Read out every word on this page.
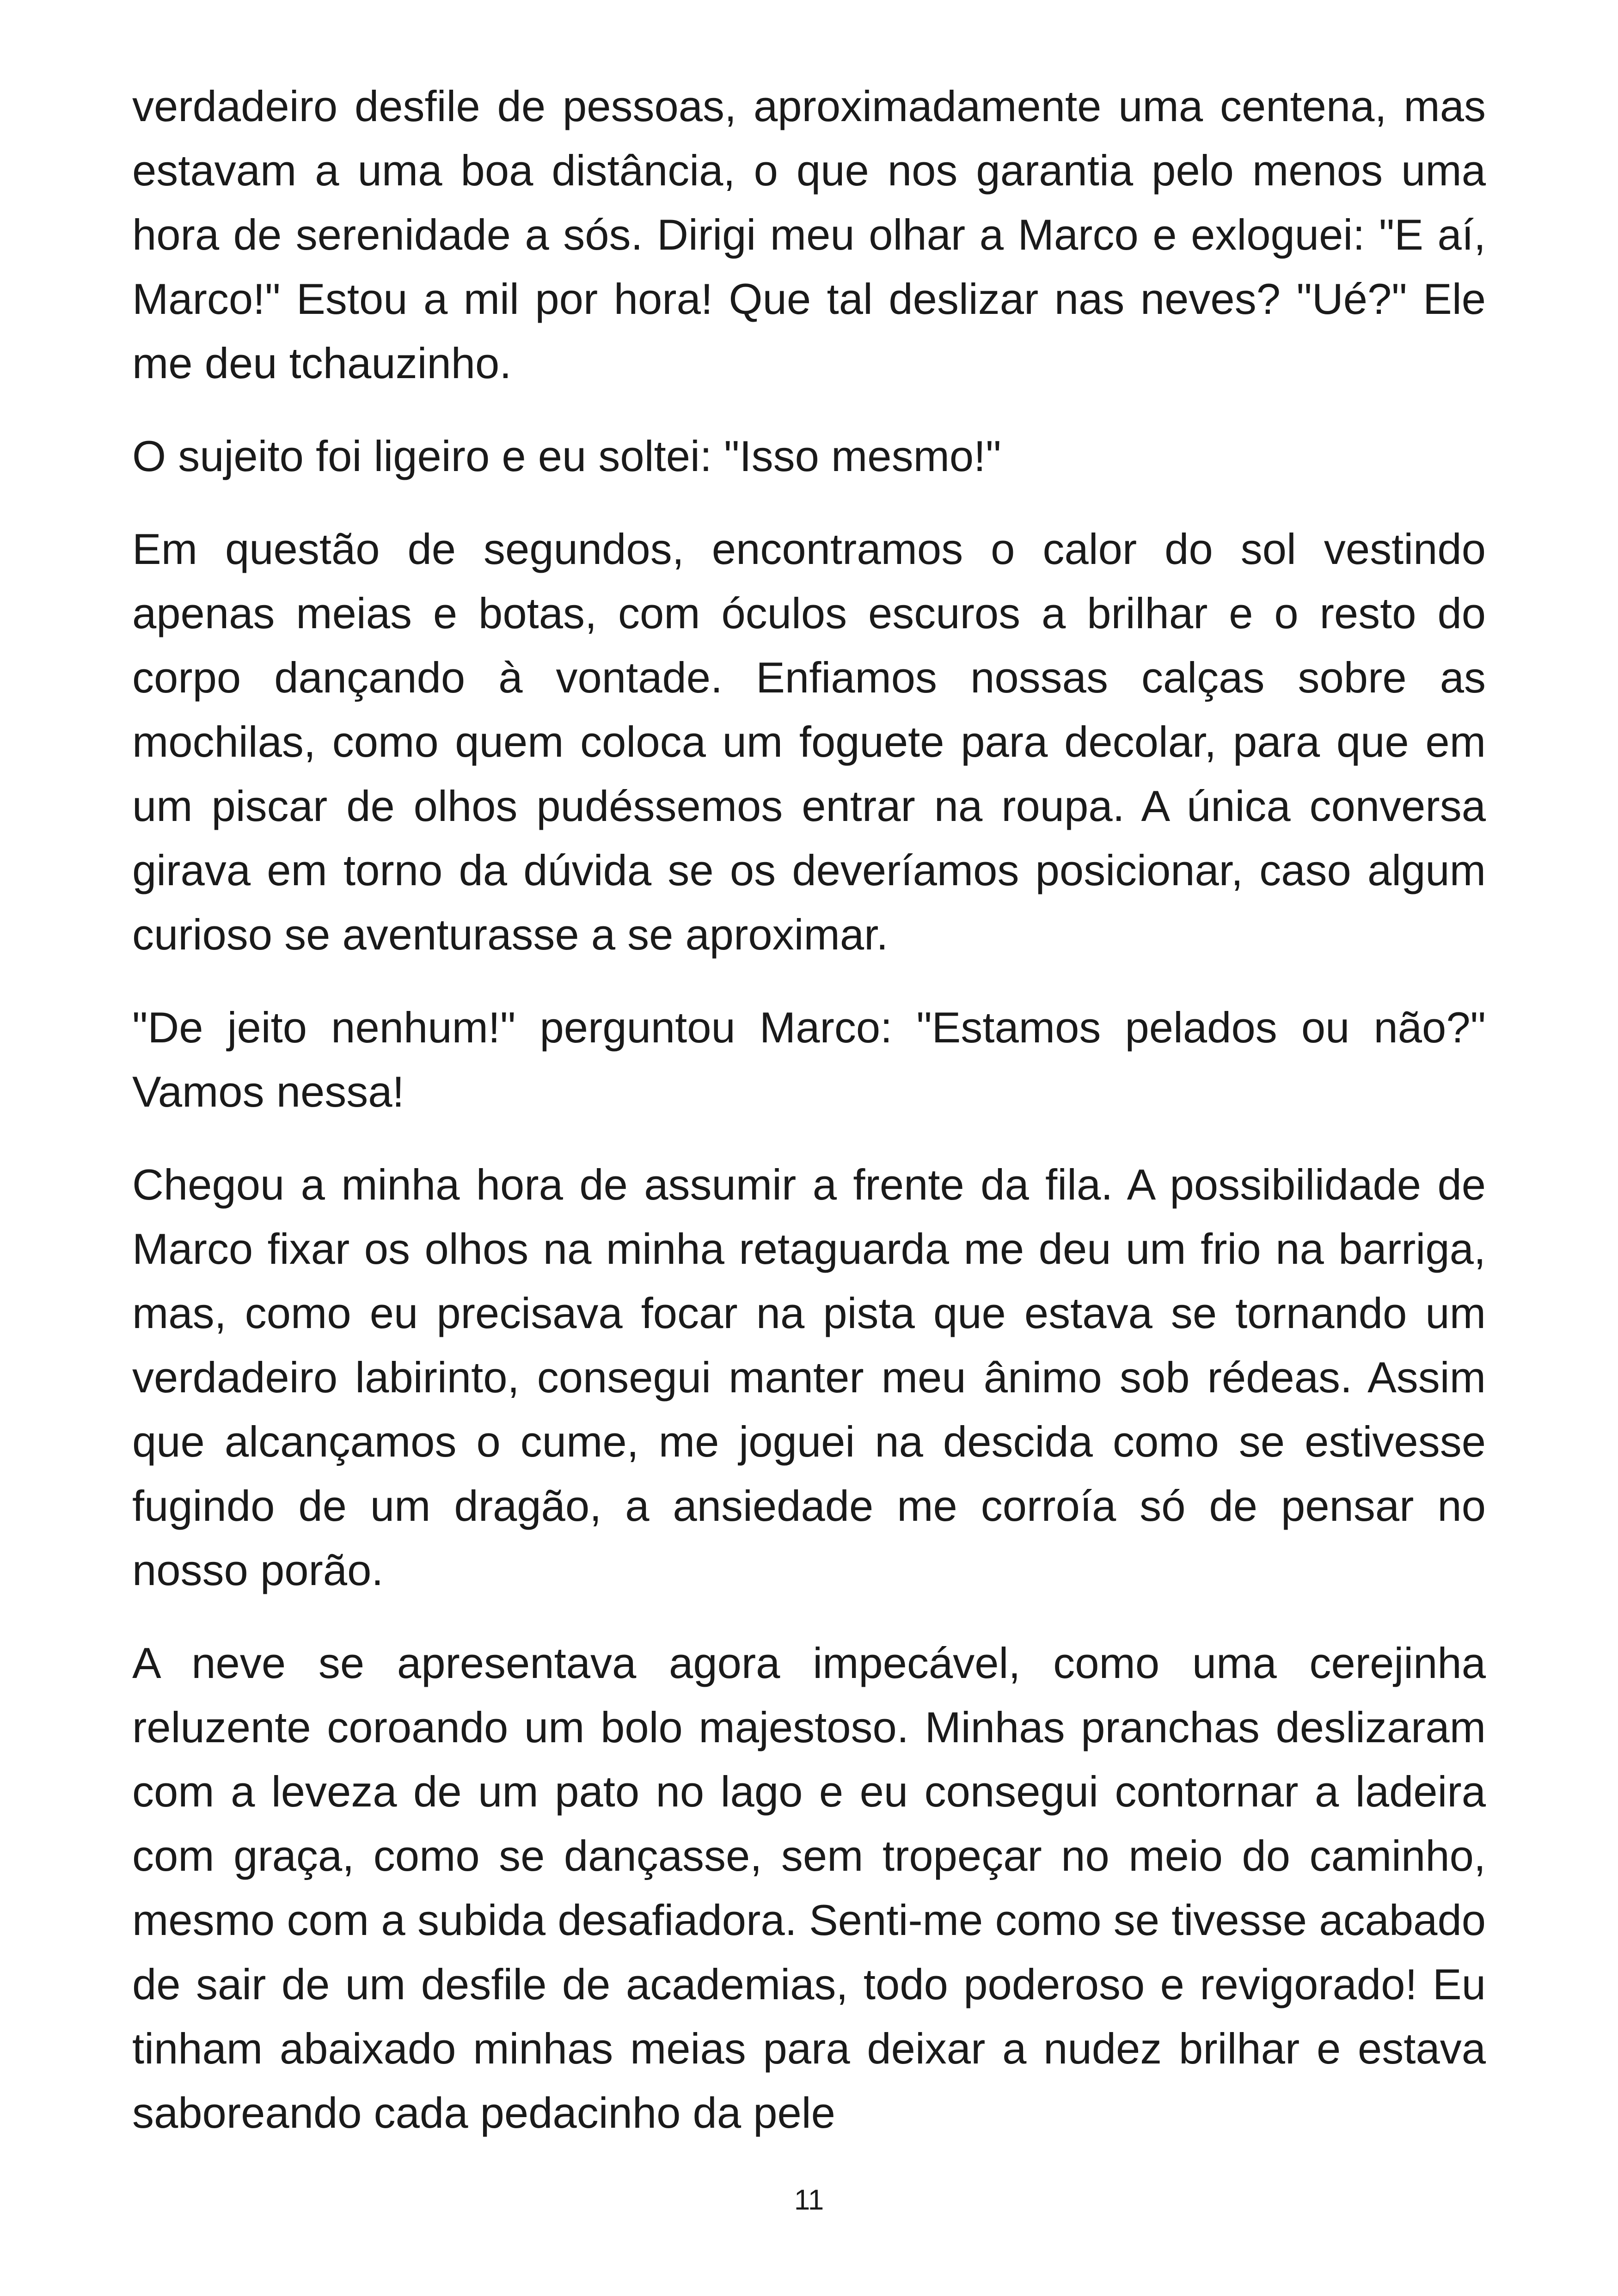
verdadeiro desfile de pessoas, aproximadamente uma centena, mas estavam a uma boa distância, o que nos garantia pelo menos uma hora de serenidade a sós. Dirigi meu olhar a Marco e exloguei: "E aí, Marco!" Estou a mil por hora! Que tal deslizar nas neves? "Ué?" Ele me deu tchauzinho.

O sujeito foi ligeiro e eu soltei: "Isso mesmo!"

Em questão de segundos, encontramos o calor do sol vestindo apenas meias e botas, com óculos escuros a brilhar e o resto do corpo dançando à vontade. Enfiamos nossas calças sobre as mochilas, como quem coloca um foguete para decolar, para que em um piscar de olhos pudéssemos entrar na roupa. A única conversa girava em torno da dúvida se os deveríamos posicionar, caso algum curioso se aventurasse a se aproximar.

"De jeito nenhum!" perguntou Marco: "Estamos pelados ou não?" Vamos nessa!

Chegou a minha hora de assumir a frente da fila. A possibilidade de Marco fixar os olhos na minha retaguarda me deu um frio na barriga, mas, como eu precisava focar na pista que estava se tornando um verdadeiro labirinto, consegui manter meu ânimo sob rédeas. Assim que alcançamos o cume, me joguei na descida como se estivesse fugindo de um dragão, a ansiedade me corroía só de pensar no nosso porão.

A neve se apresentava agora impecável, como uma cerejinha reluzente coroando um bolo majestoso. Minhas pranchas deslizaram com a leveza de um pato no lago e eu consegui contornar a ladeira com graça, como se dançasse, sem tropeçar no meio do caminho, mesmo com a subida desafiadora. Senti-me como se tivesse acabado de sair de um desfile de academias, todo poderoso e revigorado! Eu tinham abaixado minhas meias para deixar a nudez brilhar e estava saboreando cada pedacinho da pele

11
